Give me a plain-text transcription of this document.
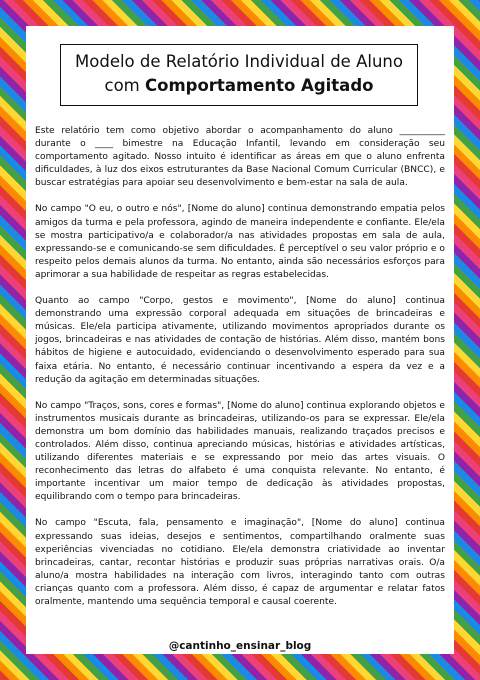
Modelo de Relatório Individual de Aluno
com Comportamento Agitado

Este relatório tem como objetivo abordar o acompanhamento do aluno __________ durante o ____ bimestre na Educação Infantil, levando em consideração seu comportamento agitado. Nosso intuito é identificar as áreas em que o aluno enfrenta dificuldades, à luz dos eixos estruturantes da Base Nacional Comum Curricular (BNCC), e buscar estratégias para apoiar seu desenvolvimento e bem-estar na sala de aula.

No campo "O eu, o outro e nós", [Nome do aluno] continua demonstrando empatia pelos amigos da turma e pela professora, agindo de maneira independente e confiante. Ele/ela se mostra participativo/a e colaborador/a nas atividades propostas em sala de aula, expressando-se e comunicando-se sem dificuldades. É perceptível o seu valor próprio e o respeito pelos demais alunos da turma. No entanto, ainda são necessários esforços para aprimorar a sua habilidade de respeitar as regras estabelecidas.

Quanto ao campo "Corpo, gestos e movimento", [Nome do aluno] continua demonstrando uma expressão corporal adequada em situações de brincadeiras e músicas. Ele/ela participa ativamente, utilizando movimentos apropriados durante os jogos, brincadeiras e nas atividades de contação de histórias. Além disso, mantém bons hábitos de higiene e autocuidado, evidenciando o desenvolvimento esperado para sua faixa etária. No entanto, é necessário continuar incentivando a espera da vez e a redução da agitação em determinadas situações.

No campo "Traços, sons, cores e formas", [Nome do aluno] continua explorando objetos e instrumentos musicais durante as brincadeiras, utilizando-os para se expressar. Ele/ela demonstra um bom domínio das habilidades manuais, realizando traçados precisos e controlados. Além disso, continua apreciando músicas, histórias e atividades artísticas, utilizando diferentes materiais e se expressando por meio das artes visuais. O reconhecimento das letras do alfabeto é uma conquista relevante. No entanto, é importante incentivar um maior tempo de dedicação às atividades propostas, equilibrando com o tempo para brincadeiras.

No campo "Escuta, fala, pensamento e imaginação", [Nome do aluno] continua expressando suas ideias, desejos e sentimentos, compartilhando oralmente suas experiências vivenciadas no cotidiano. Ele/ela demonstra criatividade ao inventar brincadeiras, cantar, recontar histórias e produzir suas próprias narrativas orais. O/a aluno/a mostra habilidades na interação com livros, interagindo tanto com outras crianças quanto com a professora. Além disso, é capaz de argumentar e relatar fatos oralmente, mantendo uma sequência temporal e causal coerente.

@cantinho_ensinar_blog
